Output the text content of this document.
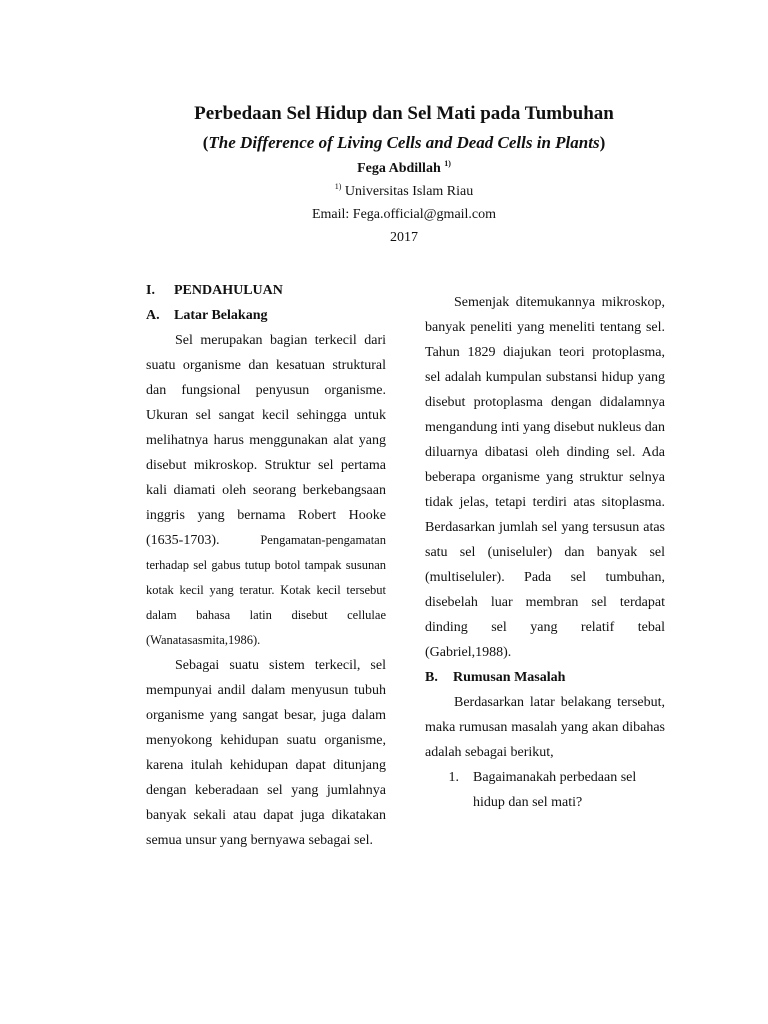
Perbedaan Sel Hidup dan Sel Mati pada Tumbuhan
(The Difference of Living Cells and Dead Cells in Plants)
Fega Abdillah $^{1)}$
$^{1)}$ Universitas Islam Riau
Email: Fega.official@gmail.com
2017
I.	PENDAHULUAN
A.	Latar Belakang

Sel merupakan bagian terkecil dari suatu organisme dan kesatuan struktural dan fungsional penyusun organisme. Ukuran sel sangat kecil sehingga untuk melihatnya harus menggunakan alat yang disebut mikroskop. Struktur sel pertama kali diamati oleh seorang berkebangsaan inggris yang bernama Robert Hooke (1635-1703).	Pengamatan-pengamatan terhadap sel gabus tutup botol tampak susunan kotak kecil yang teratur. Kotak kecil tersebut dalam bahasa latin disebut cellulae (Wanatasasmita,1986).

Sebagai suatu sistem terkecil, sel mempunyai andil dalam menyusun tubuh organisme yang sangat besar, juga dalam menyokong kehidupan suatu organisme, karena itulah kehidupan dapat ditunjang dengan keberadaan sel yang jumlahnya banyak sekali atau dapat juga dikatakan semua unsur yang bernyawa sebagai sel.

Semenjak ditemukannya mikroskop, banyak peneliti yang meneliti tentang sel. Tahun 1829 diajukan teori protoplasma, sel adalah kumpulan substansi hidup yang disebut protoplasma dengan didalamnya mengandung inti yang disebut nukleus dan diluarnya dibatasi oleh dinding sel. Ada beberapa organisme yang struktur selnya tidak jelas, tetapi terdiri atas sitoplasma. Berdasarkan jumlah sel yang tersusun atas satu sel (uniseluler) dan banyak sel (multiseluler). Pada sel tumbuhan, disebelah luar membran sel terdapat dinding sel yang relatif tebal (Gabriel,1988).

B.	Rumusan Masalah

Berdasarkan latar belakang tersebut, maka rumusan masalah yang akan dibahas adalah sebagai berikut,

1.	Bagaimanakah perbedaan sel hidup dan sel mati?
